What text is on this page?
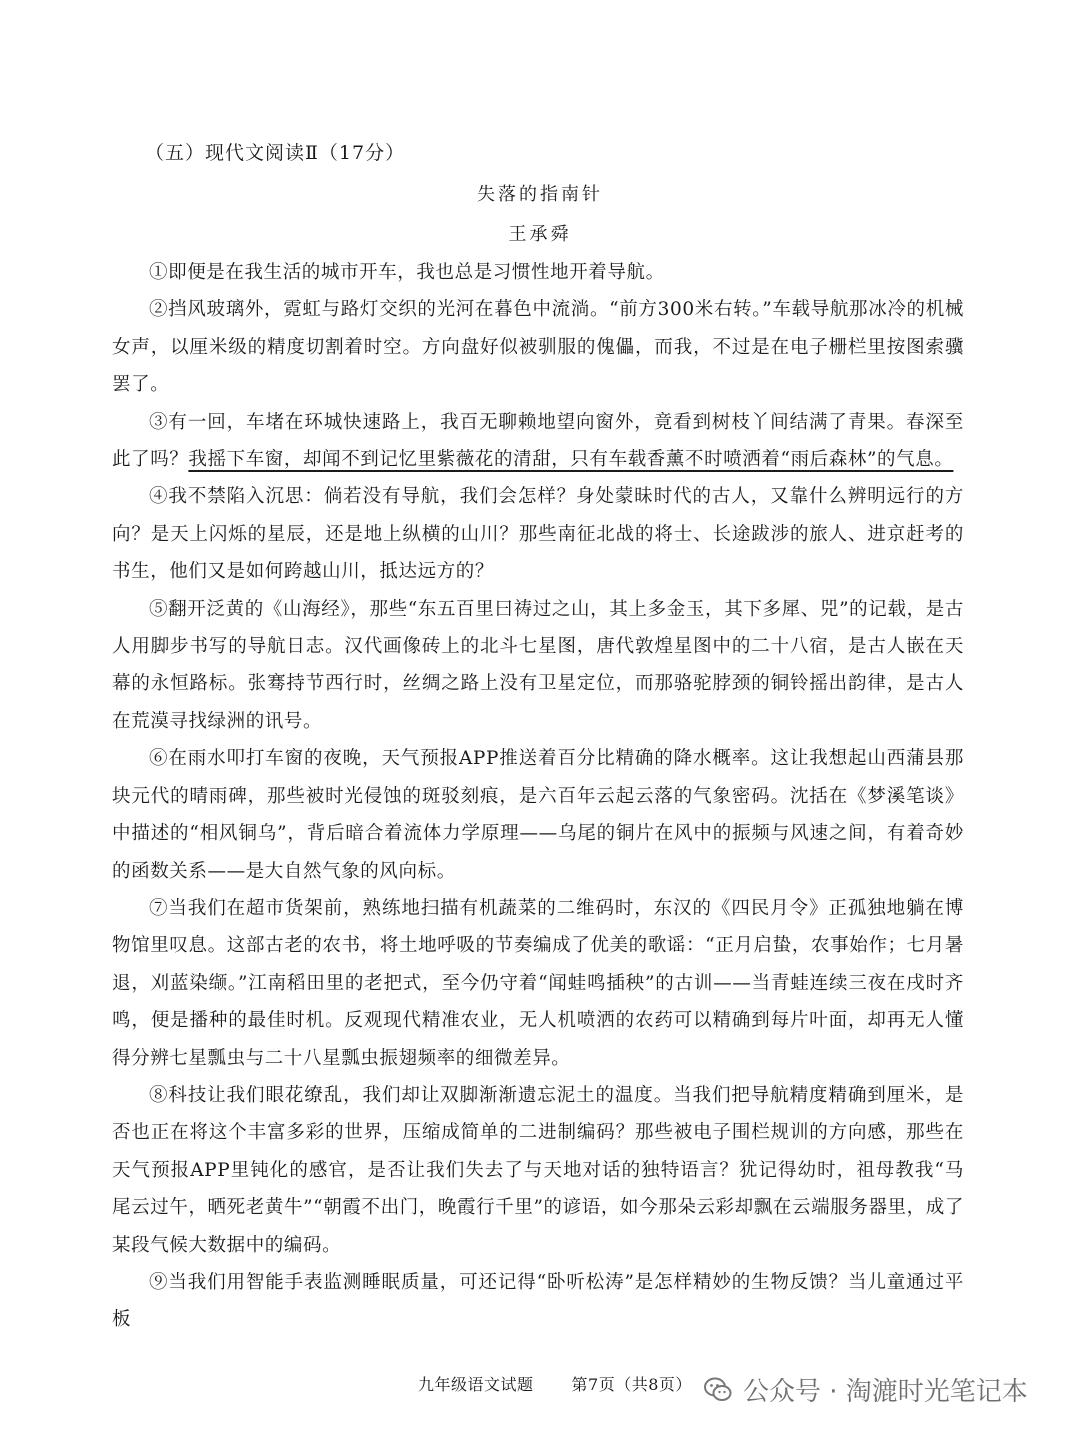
（五）现代文阅读Ⅱ（17分）
失落的指南针
王承舜

①即便是在我生活的城市开车，我也总是习惯性地开着导航。

②挡风玻璃外，霓虹与路灯交织的光河在暮色中流淌。“前方300米右转。”车载导航那冰冷的机械女声，以厘米级的精度切割着时空。方向盘好似被驯服的傀儡，而我，不过是在电子栅栏里按图索骥罢了。

③有一回，车堵在环城快速路上，我百无聊赖地望向窗外，竟看到树枝丫间结满了青果。春深至此了吗？我摇下车窗，却闻不到记忆里紫薇花的清甜，只有车载香薰不时喷洒着“雨后森林”的气息。

④我不禁陷入沉思：倘若没有导航，我们会怎样？身处蒙昧时代的古人，又靠什么辨明远行的方向？是天上闪烁的星辰，还是地上纵横的山川？那些南征北战的将士、长途跋涉的旅人、进京赶考的书生，他们又是如何跨越山川，抵达远方的？

⑤翻开泛黄的《山海经》，那些“东五百里曰祷过之山，其上多金玉，其下多犀、兕”的记载，是古人用脚步书写的导航日志。汉代画像砖上的北斗七星图，唐代敦煌星图中的二十八宿，是古人嵌在天幕的永恒路标。张骞持节西行时，丝绸之路上没有卫星定位，而那骆驼脖颈的铜铃摇出韵律，是古人在荒漠寻找绿洲的讯号。

⑥在雨水叩打车窗的夜晚，天气预报APP推送着百分比精确的降水概率。这让我想起山西蒲县那块元代的晴雨碑，那些被时光侵蚀的斑驳刻痕，是六百年云起云落的气象密码。沈括在《梦溪笔谈》中描述的“相风铜乌”，背后暗合着流体力学原理——乌尾的铜片在风中的振频与风速之间，有着奇妙的函数关系——是大自然气象的风向标。

⑦当我们在超市货架前，熟练地扫描有机蔬菜的二维码时，东汉的《四民月令》正孤独地躺在博物馆里叹息。这部古老的农书，将土地呼吸的节奏编成了优美的歌谣：“正月启蛰，农事始作；七月暑退，刈蓝染缬。”江南稻田里的老把式，至今仍守着“闻蛙鸣插秧”的古训——当青蛙连续三夜在戌时齐鸣，便是播种的最佳时机。反观现代精准农业，无人机喷洒的农药可以精确到每片叶面，却再无人懂得分辨七星瓢虫与二十八星瓢虫振翅频率的细微差异。

⑧科技让我们眼花缭乱，我们却让双脚渐渐遗忘泥土的温度。当我们把导航精度精确到厘米，是否也正在将这个丰富多彩的世界，压缩成简单的二进制编码？那些被电子围栏规训的方向感，那些在天气预报APP里钝化的感官，是否让我们失去了与天地对话的独特语言？犹记得幼时，祖母教我“马尾云过午，晒死老黄牛”“朝霞不出门，晚霞行千里”的谚语，如今那朵云彩却飘在云端服务器里，成了某段气候大数据中的编码。

⑨当我们用智能手表监测睡眠质量，可还记得“卧听松涛”是怎样精妙的生物反馈？当儿童通过平板

九年级语文试题 第7页（共8页） 公众号 · 淘漉时光笔记本
